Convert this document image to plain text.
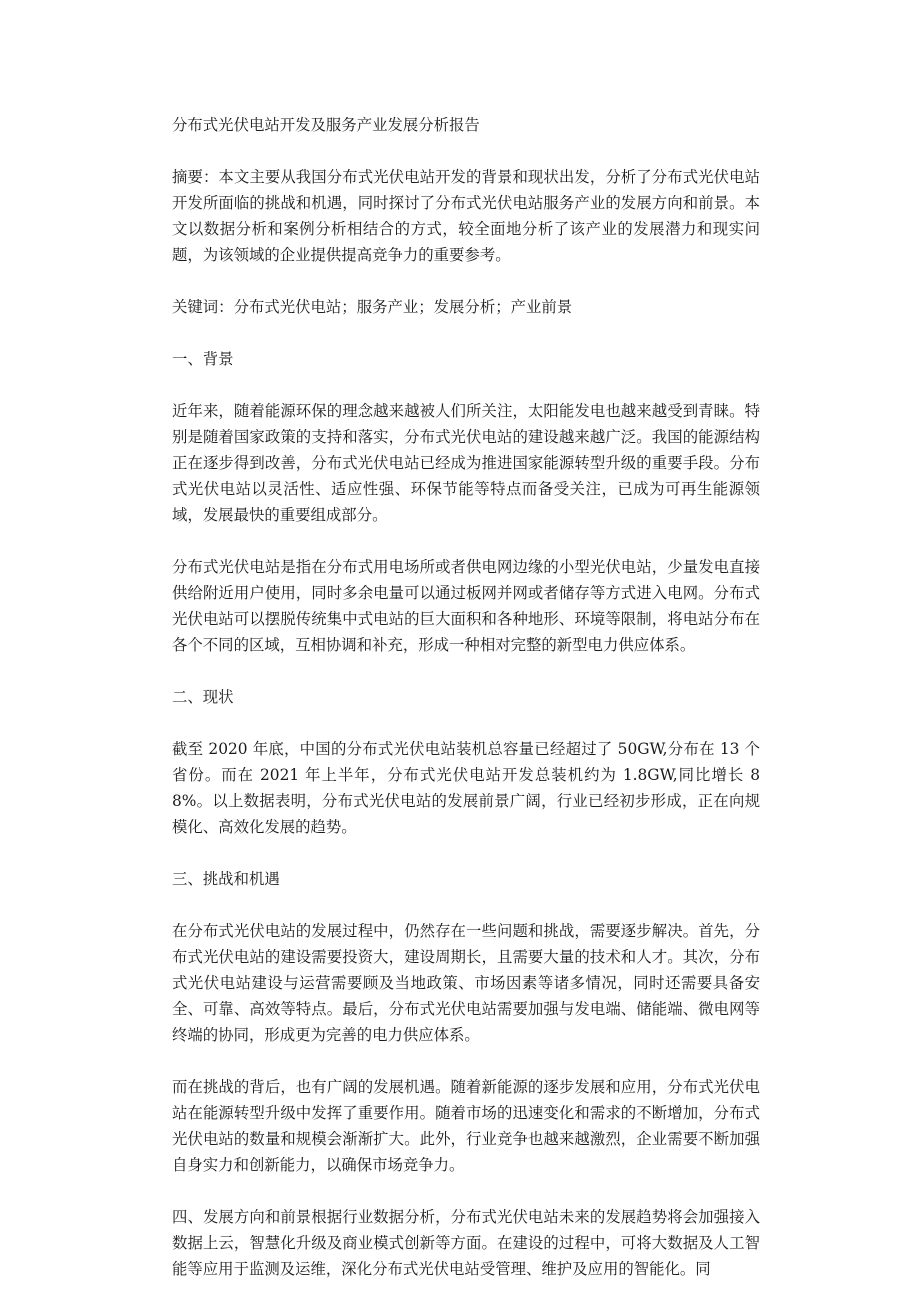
分布式光伏电站开发及服务产业发展分析报告

摘要：本文主要从我国分布式光伏电站开发的背景和现状出发，分析了分布式光伏电站开发所面临的挑战和机遇，同时探讨了分布式光伏电站服务产业的发展方向和前景。本文以数据分析和案例分析相结合的方式，较全面地分析了该产业的发展潜力和现实问题，为该领域的企业提供提高竞争力的重要参考。

关键词：分布式光伏电站；服务产业；发展分析；产业前景

一、背景

近年来，随着能源环保的理念越来越被人们所关注，太阳能发电也越来越受到青睐。特别是随着国家政策的支持和落实，分布式光伏电站的建设越来越广泛。我国的能源结构正在逐步得到改善，分布式光伏电站已经成为推进国家能源转型升级的重要手段。分布式光伏电站以灵活性、适应性强、环保节能等特点而备受关注，已成为可再生能源领域，发展最快的重要组成部分。

分布式光伏电站是指在分布式用电场所或者供电网边缘的小型光伏电站，少量发电直接供给附近用户使用，同时多余电量可以通过板网并网或者储存等方式进入电网。分布式光伏电站可以摆脱传统集中式电站的巨大面积和各种地形、环境等限制，将电站分布在各个不同的区域，互相协调和补充，形成一种相对完整的新型电力供应体系。

二、现状

截至 2020 年底，中国的分布式光伏电站装机总容量已经超过了 50GW,分布在 13 个省份。而在 2021 年上半年，分布式光伏电站开发总装机约为 1.8GW,同比增长 88%。以上数据表明，分布式光伏电站的发展前景广阔，行业已经初步形成，正在向规模化、高效化发展的趋势。

三、挑战和机遇

在分布式光伏电站的发展过程中，仍然存在一些问题和挑战，需要逐步解决。首先，分布式光伏电站的建设需要投资大，建设周期长，且需要大量的技术和人才。其次，分布式光伏电站建设与运营需要顾及当地政策、市场因素等诸多情况，同时还需要具备安全、可靠、高效等特点。最后，分布式光伏电站需要加强与发电端、储能端、微电网等终端的协同，形成更为完善的电力供应体系。

而在挑战的背后，也有广阔的发展机遇。随着新能源的逐步发展和应用，分布式光伏电站在能源转型升级中发挥了重要作用。随着市场的迅速变化和需求的不断增加，分布式光伏电站的数量和规模会渐渐扩大。此外，行业竞争也越来越激烈，企业需要不断加强自身实力和创新能力，以确保市场竞争力。

四、发展方向和前景根据行业数据分析，分布式光伏电站未来的发展趋势将会加强接入数据上云，智慧化升级及商业模式创新等方面。在建设的过程中，可将大数据及人工智能等应用于监测及运维，深化分布式光伏电站受管理、维护及应用的智能化。同
